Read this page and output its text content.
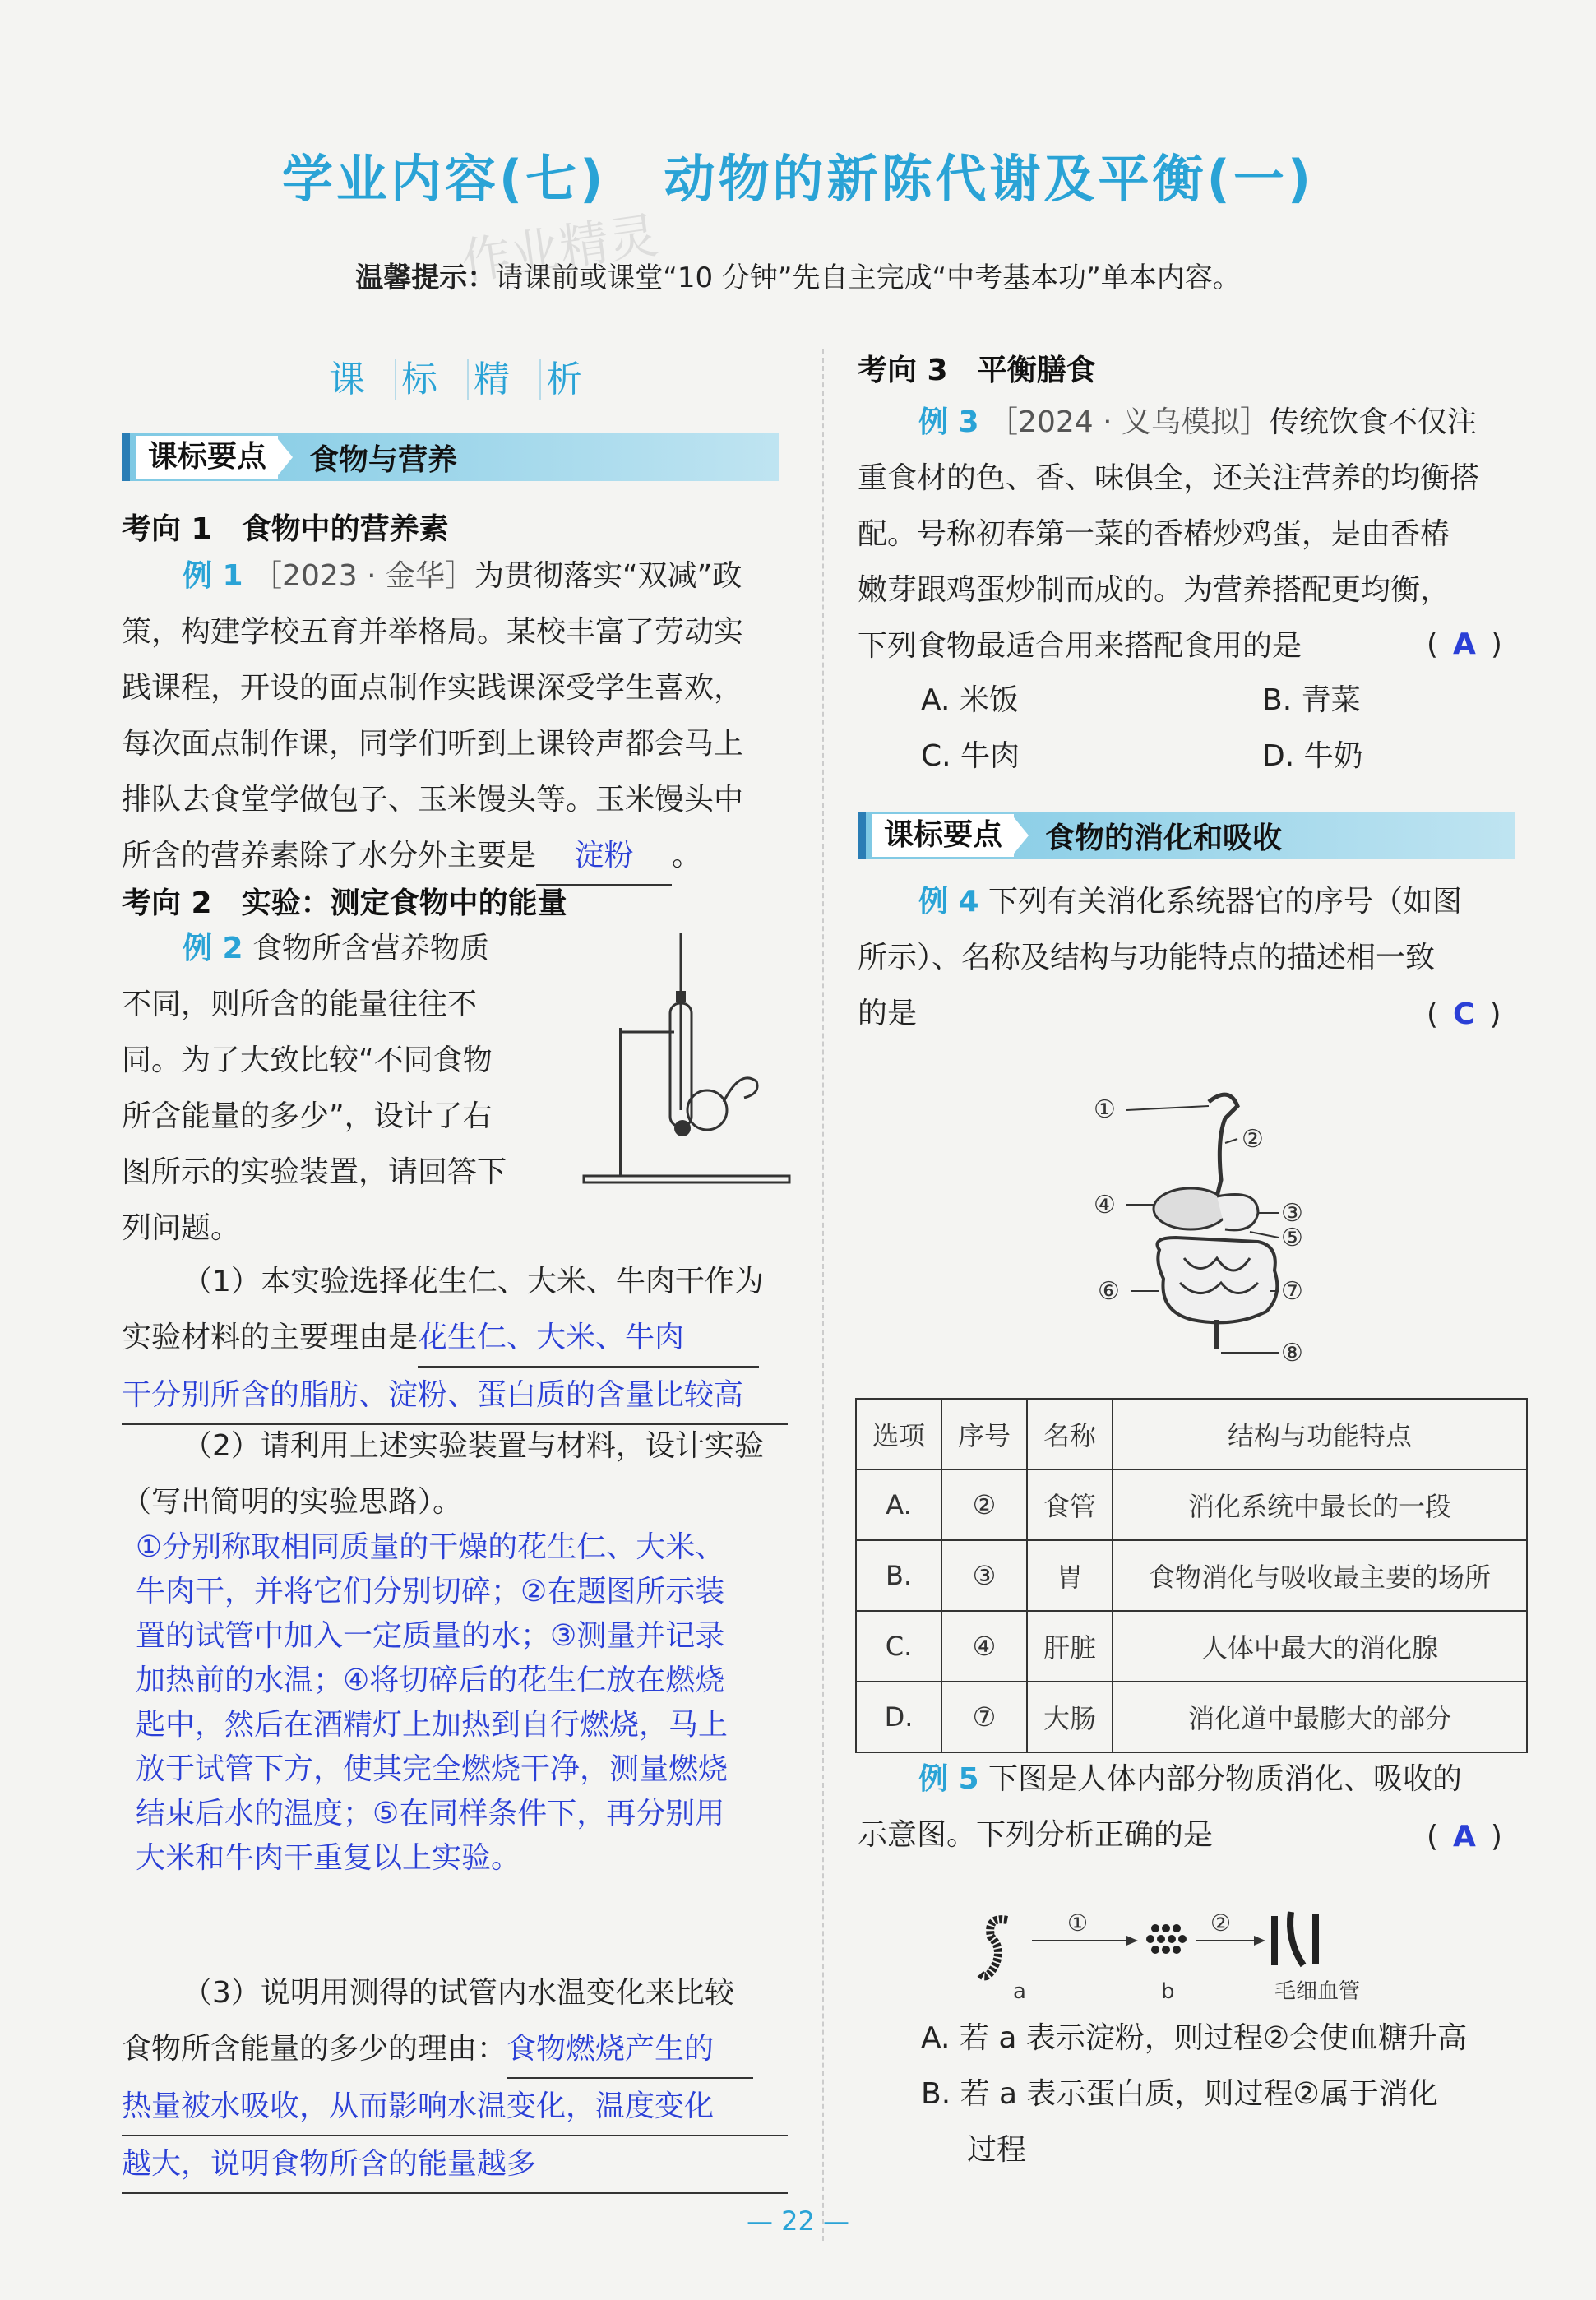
学业内容(七) 动物的新陈代谢及平衡(一)
作业精灵
温馨提示：请课前或课堂“10 分钟”先自主完成“中考基本功”单本内容。
课 标 精 析
课标要点	食物与营养
考向 1　食物中的营养素
例 1 ［2023 · 金华］为贯彻落实“双减”政
策，构建学校五育并举格局。某校丰富了劳动实
践课程，开设的面点制作实践课深受学生喜欢，
每次面点制作课，同学们听到上课铃声都会马上
排队去食堂学做包子、玉米馒头等。玉米馒头中
所含的营养素除了水分外主要是 淀粉 。
考向 2　实验：测定食物中的能量
例 2 食物所含营养物质
不同，则所含的能量往往不
同。为了大致比较“不同食物
所含能量的多少”，设计了右
图所示的实验装置，请回答下
列问题。
（1）本实验选择花生仁、大米、牛肉干作为
实验材料的主要理由是花生仁、大米、牛肉
干分别所含的脂肪、淀粉、蛋白质的含量比较高
（2）请利用上述实验装置与材料，设计实验
（写出简明的实验思路）。
①分别称取相同质量的干燥的花生仁、大米、
牛肉干，并将它们分别切碎；②在题图所示装
置的试管中加入一定质量的水；③测量并记录
加热前的水温；④将切碎后的花生仁放在燃烧
匙中，然后在酒精灯上加热到自行燃烧，马上
放于试管下方，使其完全燃烧干净，测量燃烧
结束后水的温度；⑤在同样条件下，再分别用
大米和牛肉干重复以上实验。
（3）说明用测得的试管内水温变化来比较
食物所含能量的多少的理由：食物燃烧产生的
热量被水吸收，从而影响水温变化，温度变化 越大，说明食物所含的能量越多
考向 3　平衡膳食
例 3 ［2024 · 义乌模拟］传统饮食不仅注
重食材的色、香、味俱全，还关注营养的均衡搭
配。号称初春第一菜的香椿炒鸡蛋，是由香椿
嫩芽跟鸡蛋炒制而成的。为营养搭配更均衡，
下列食物最适合用来搭配食用的是	( A )
A. 米饭	B. 青菜
C. 牛肉	D. 牛奶
课标要点	食物的消化和吸收
例 4 下列有关消化系统器官的序号（如图
所示）、名称及结构与功能特点的描述相一致
的是	( C )
①
②
③
④
⑤
⑥	⑦
⑧
选项	序号	名称	结构与功能特点
A.	②	食管	消化系统中最长的一段
B.	③	胃	食物消化与吸收最主要的场所
C.	④	肝脏	人体中最大的消化腺
D.	⑦	大肠	消化道中最膨大的部分
例 5 下图是人体内部分物质消化、吸收的
示意图。下列分析正确的是	( A )
a
①
b
②
毛细血管
A. 若 a 表示淀粉，则过程②会使血糖升高
B. 若 a 表示蛋白质，则过程②属于消化
过程
— 22 —
